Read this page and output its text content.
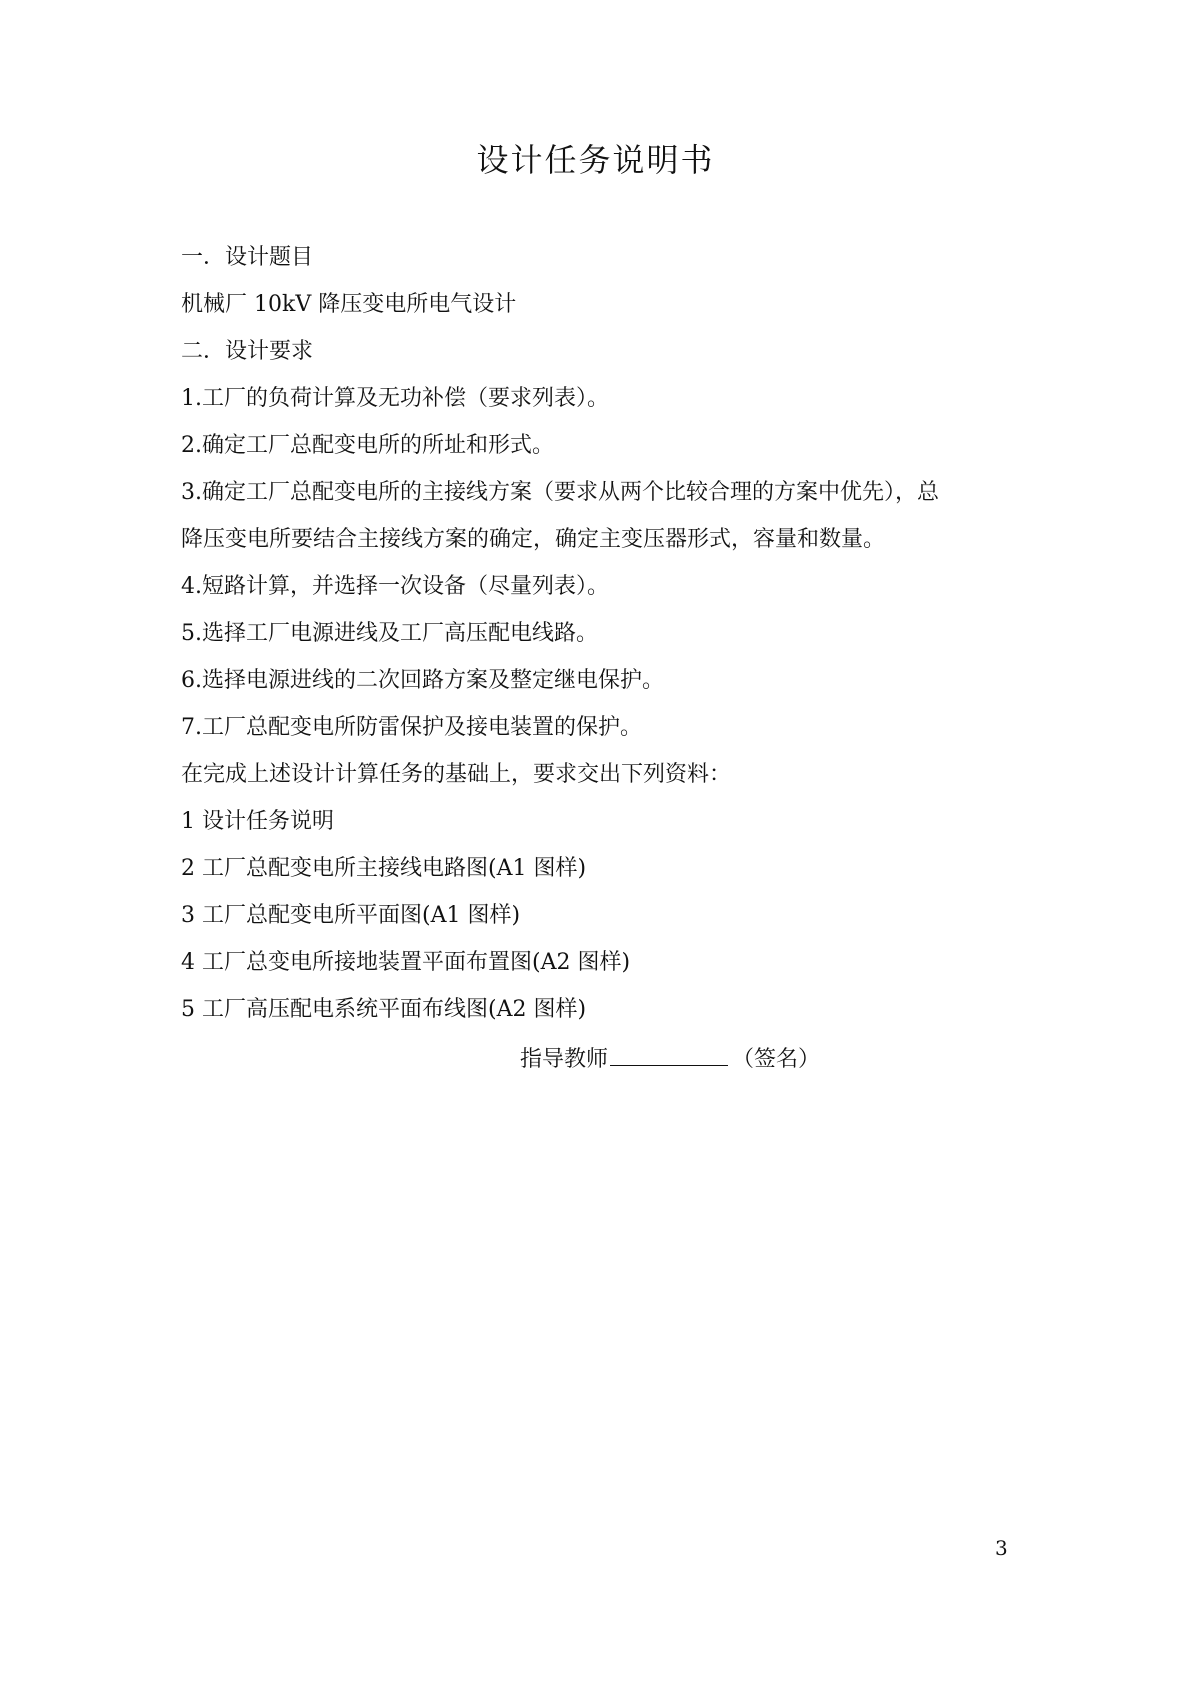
设计任务说明书
一．设计题目
机械厂 10kV 降压变电所电气设计
二．设计要求
1.工厂的负荷计算及无功补偿（要求列表）。
2.确定工厂总配变电所的所址和形式。
3.确定工厂总配变电所的主接线方案（要求从两个比较合理的方案中优先），总
降压变电所要结合主接线方案的确定，确定主变压器形式，容量和数量。
4.短路计算，并选择一次设备（尽量列表）。
5.选择工厂电源进线及工厂高压配电线路。
6.选择电源进线的二次回路方案及整定继电保护。
7.工厂总配变电所防雷保护及接电装置的保护。
在完成上述设计计算任务的基础上，要求交出下列资料：
1 设计任务说明
2 工厂总配变电所主接线电路图(A1 图样)
3 工厂总配变电所平面图(A1 图样)
4 工厂总变电所接地装置平面布置图(A2 图样)
5 工厂高压配电系统平面布线图(A2 图样)
指导教师	（签名）
3
